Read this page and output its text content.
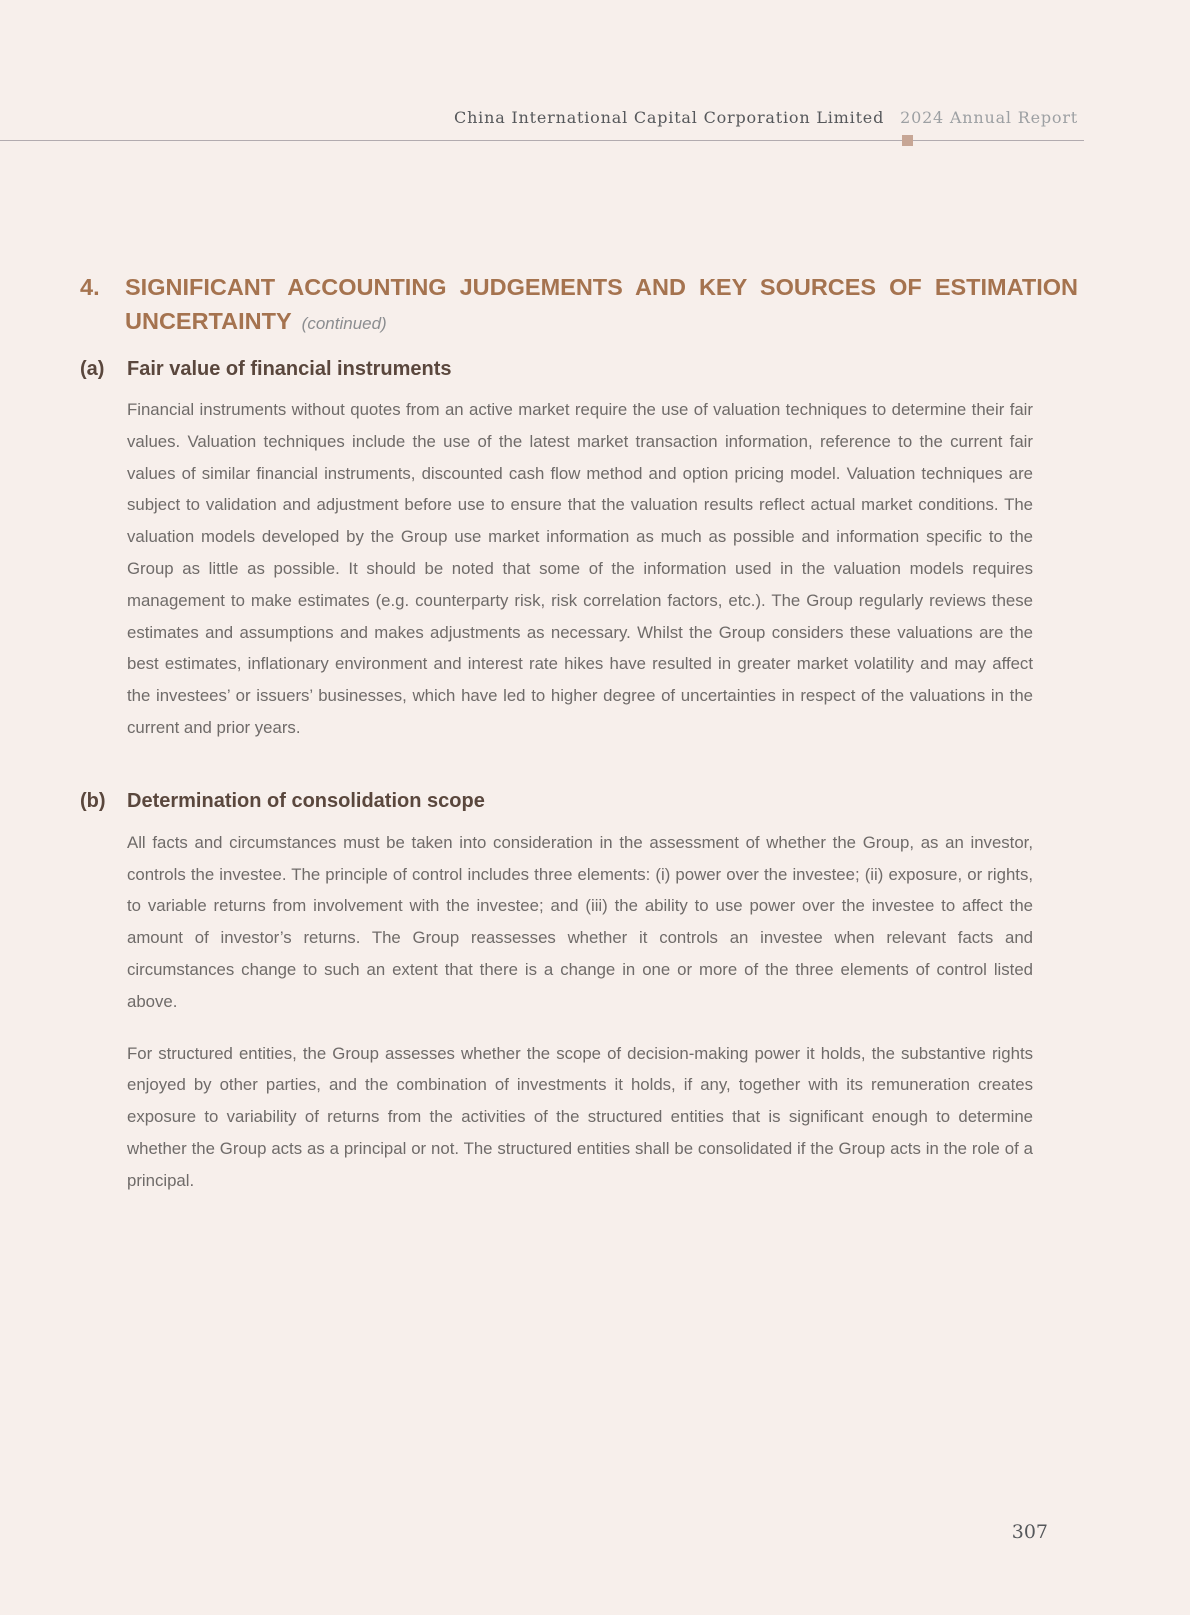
China International Capital Corporation Limited 2024 Annual Report
4.	SIGNIFICANT ACCOUNTING JUDGEMENTS AND KEY SOURCES OF ESTIMATION
UNCERTAINTY (continued)
(a)	Fair value of financial instruments

Financial instruments without quotes from an active market require the use of valuation techniques to determine their fair values. Valuation techniques include the use of the latest market transaction information, reference to the current fair values of similar financial instruments, discounted cash flow method and option pricing model. Valuation techniques are subject to validation and adjustment before use to ensure that the valuation results reflect actual market conditions. The valuation models developed by the Group use market information as much as possible and information specific to the Group as little as possible. It should be noted that some of the information used in the valuation models requires management to make estimates (e.g. counterparty risk, risk correlation factors, etc.). The Group regularly reviews these estimates and assumptions and makes adjustments as necessary. Whilst the Group considers these valuations are the best estimates, inflationary environment and interest rate hikes have resulted in greater market volatility and may affect the investees’ or issuers’ businesses, which have led to higher degree of uncertainties in respect of the valuations in the current and prior years.

(b)	Determination of consolidation scope

All facts and circumstances must be taken into consideration in the assessment of whether the Group, as an investor, controls the investee. The principle of control includes three elements: (i) power over the investee; (ii) exposure, or rights, to variable returns from involvement with the investee; and (iii) the ability to use power over the investee to affect the amount of investor’s returns. The Group reassesses whether it controls an investee when relevant facts and circumstances change to such an extent that there is a change in one or more of the three elements of control listed above.

For structured entities, the Group assesses whether the scope of decision-making power it holds, the substantive rights enjoyed by other parties, and the combination of investments it holds, if any, together with its remuneration creates exposure to variability of returns from the activities of the structured entities that is significant enough to determine whether the Group acts as a principal or not. The structured entities shall be consolidated if the Group acts in the role of a principal.

307
